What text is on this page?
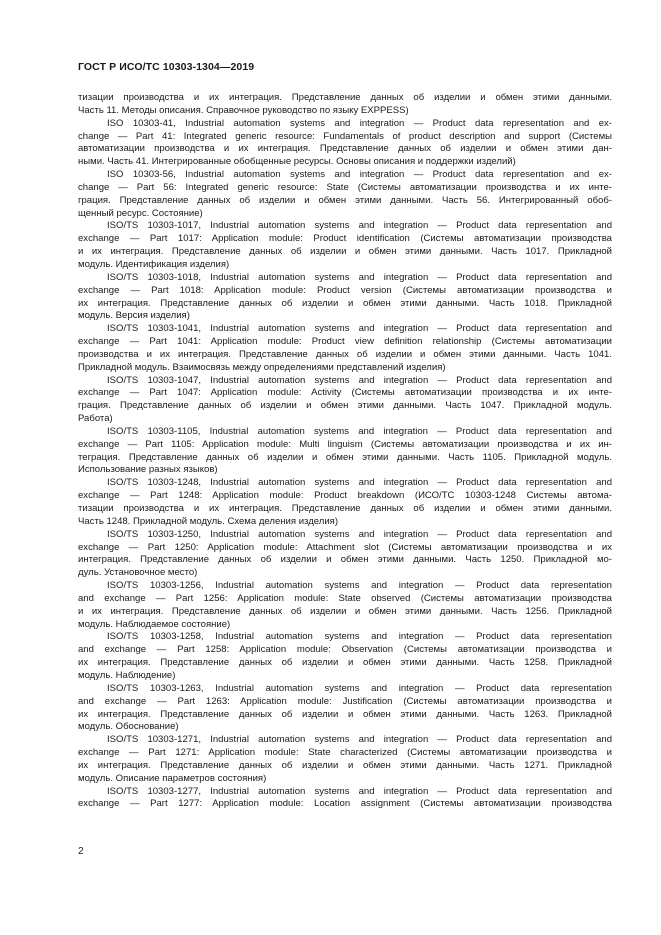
ГОСТ Р ИСО/ТС 10303-1304—2019
тизации производства и их интеграция. Представление данных об изделии и обмен этими данными.
Часть 11. Методы описания. Справочное руководство по языку EXPPESS)
ISO 10303-41, Industrial automation systems and integration — Product data representation and ex-
change — Part 41: Integrated generic resource: Fundamentals of product description and support (Системы
автоматизации производства и их интеграция. Представление данных об изделии и обмен этими дан-
ными. Часть 41. Интегрированные обобщенные ресурсы. Основы описания и поддержки изделий)
ISO 10303-56, Industrial automation systems and integration — Product data representation and ex-
change — Part 56: Integrated generic resource: State (Системы автоматизации производства и их инте-
грация. Представление данных об изделии и обмен этими данными. Часть 56. Интегрированный обоб-
щенный ресурс. Состояние)
ISO/TS 10303-1017, Industrial automation systems and integration — Product data representation and
exchange — Part 1017: Application module: Product identification (Системы автоматизации производства
и их интеграция. Представление данных об изделии и обмен этими данными. Часть 1017. Прикладной
модуль. Идентификация изделия)
ISO/TS 10303-1018, Industrial automation systems and integration — Product data representation and
exchange — Part 1018: Application module: Product version (Системы автоматизации производства и
их интеграция. Представление данных об изделии и обмен этими данными. Часть 1018. Прикладной
модуль. Версия изделия)
ISO/TS 10303-1041, Industrial automation systems and integration — Product data representation and
exchange — Part 1041: Application module: Product view definition relationship (Системы автоматизации
производства и их интеграция. Представление данных об изделии и обмен этими данными. Часть 1041.
Прикладной модуль. Взаимосвязь между определениями представлений изделия)
ISO/TS 10303-1047, Industrial automation systems and integration — Product data representation and
exchange — Part 1047: Application module: Activity (Системы автоматизации производства и их инте-
грация. Представление данных об изделии и обмен этими данными. Часть 1047. Прикладной модуль.
Работа)
ISO/TS 10303-1105, Industrial automation systems and integration — Product data representation and
exchange — Part 1105: Application module: Multi linguism (Системы автоматизации производства и их ин-
теграция. Представление данных об изделии и обмен этими данными. Часть 1105. Прикладной модуль.
Использование разных языков)
ISO/TS 10303-1248, Industrial automation systems and integration — Product data representation and
exchange — Part 1248: Application module: Product breakdown (ИСО/ТС 10303-1248 Системы автома-
тизации производства и их интеграция. Представление данных об изделии и обмен этими данными.
Часть 1248. Прикладной модуль. Схема деления изделия)
ISO/TS 10303-1250, Industrial automation systems and integration — Product data representation and
exchange — Part 1250: Application module: Attachment slot (Системы автоматизации производства и их
интеграция. Представление данных об изделии и обмен этими данными. Часть 1250. Прикладной мо-
дуль. Установочное место)
ISO/TS 10303-1256, Industrial automation systems and integration — Product data representation
and exchange — Part 1256: Application module: State observed (Системы автоматизации производства
и их интеграция. Представление данных об изделии и обмен этими данными. Часть 1256. Прикладной
модуль. Наблюдаемое состояние)
ISO/TS 10303-1258, Industrial automation systems and integration — Product data representation
and exchange — Part 1258: Application module: Observation (Системы автоматизации производства и
их интеграция. Представление данных об изделии и обмен этими данными. Часть 1258. Прикладной
модуль. Наблюдение)
ISO/TS 10303-1263, Industrial automation systems and integration — Product data representation
and exchange — Part 1263: Application module: Justification (Системы автоматизации производства и
их интеграция. Представление данных об изделии и обмен этими данными. Часть 1263. Прикладной
модуль. Обоснование)
ISO/TS 10303-1271, Industrial automation systems and integration — Product data representation and
exchange — Part 1271: Application module: State characterized (Системы автоматизации производства и
их интеграция. Представление данных об изделии и обмен этими данными. Часть 1271. Прикладной
модуль. Описание параметров состояния)
ISO/TS 10303-1277, Industrial automation systems and integration — Product data representation and
exchange — Part 1277: Application module: Location assignment (Системы автоматизации производства
2
